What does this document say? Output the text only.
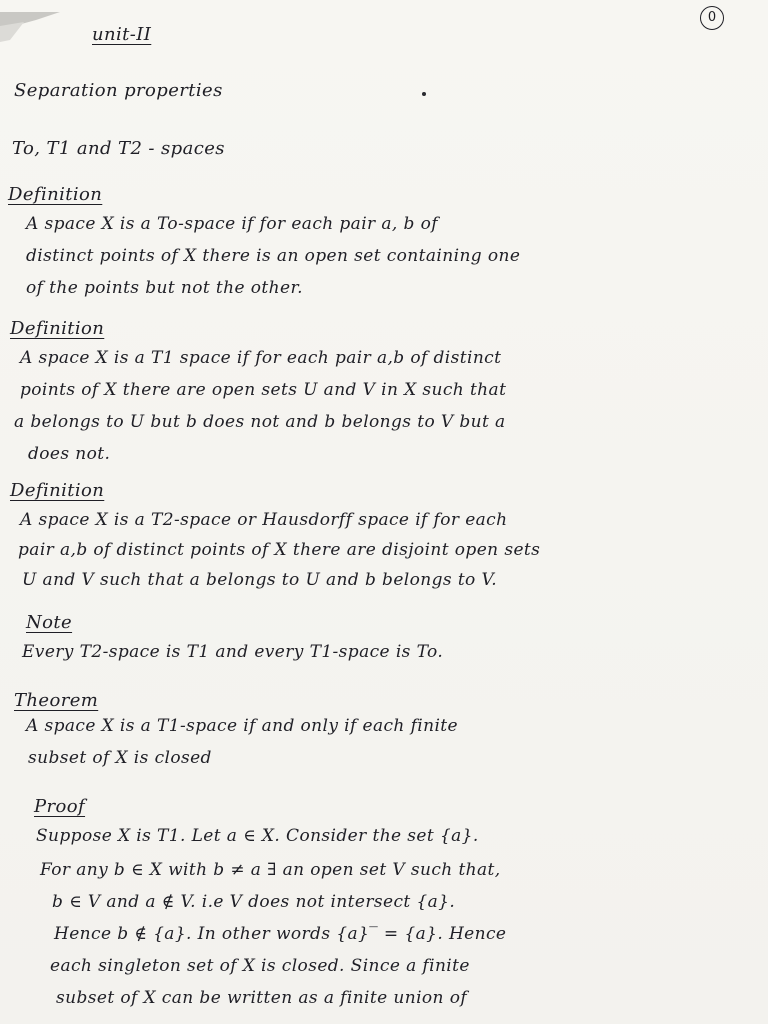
0
unit-II
Separation properties
To, T1 and T2 - spaces
Definition
A space X is a To-space if for each pair a, b of
distinct points of X there is an open set containing one
of the points but not the other.
Definition
A space X is a T1 space if for each pair a,b of distinct
points of X there are open sets U and V in X such that
a belongs to U but b does not and b belongs to V but a
does not.
Definition
A space X is a T2-space or Hausdorff space if for each
pair a,b of distinct points of X there are disjoint open sets
U and V such that a belongs to U and b belongs to V.
Note
Every T2-space is T1 and every T1-space is To.
Theorem
A space X is a T1-space if and only if each finite
subset of X is closed
Proof
Suppose X is T1. Let a ∈ X. Consider the set {a}.
For any b ∈ X with b ≠ a ∃ an open set V such that,
b ∈ V and a ∉ V. i.e V does not intersect {a}.
Hence b ∉ {a}. In other words {a}‾ = {a}. Hence
each singleton set of X is closed. Since a finite
subset of X can be written as a finite union of
